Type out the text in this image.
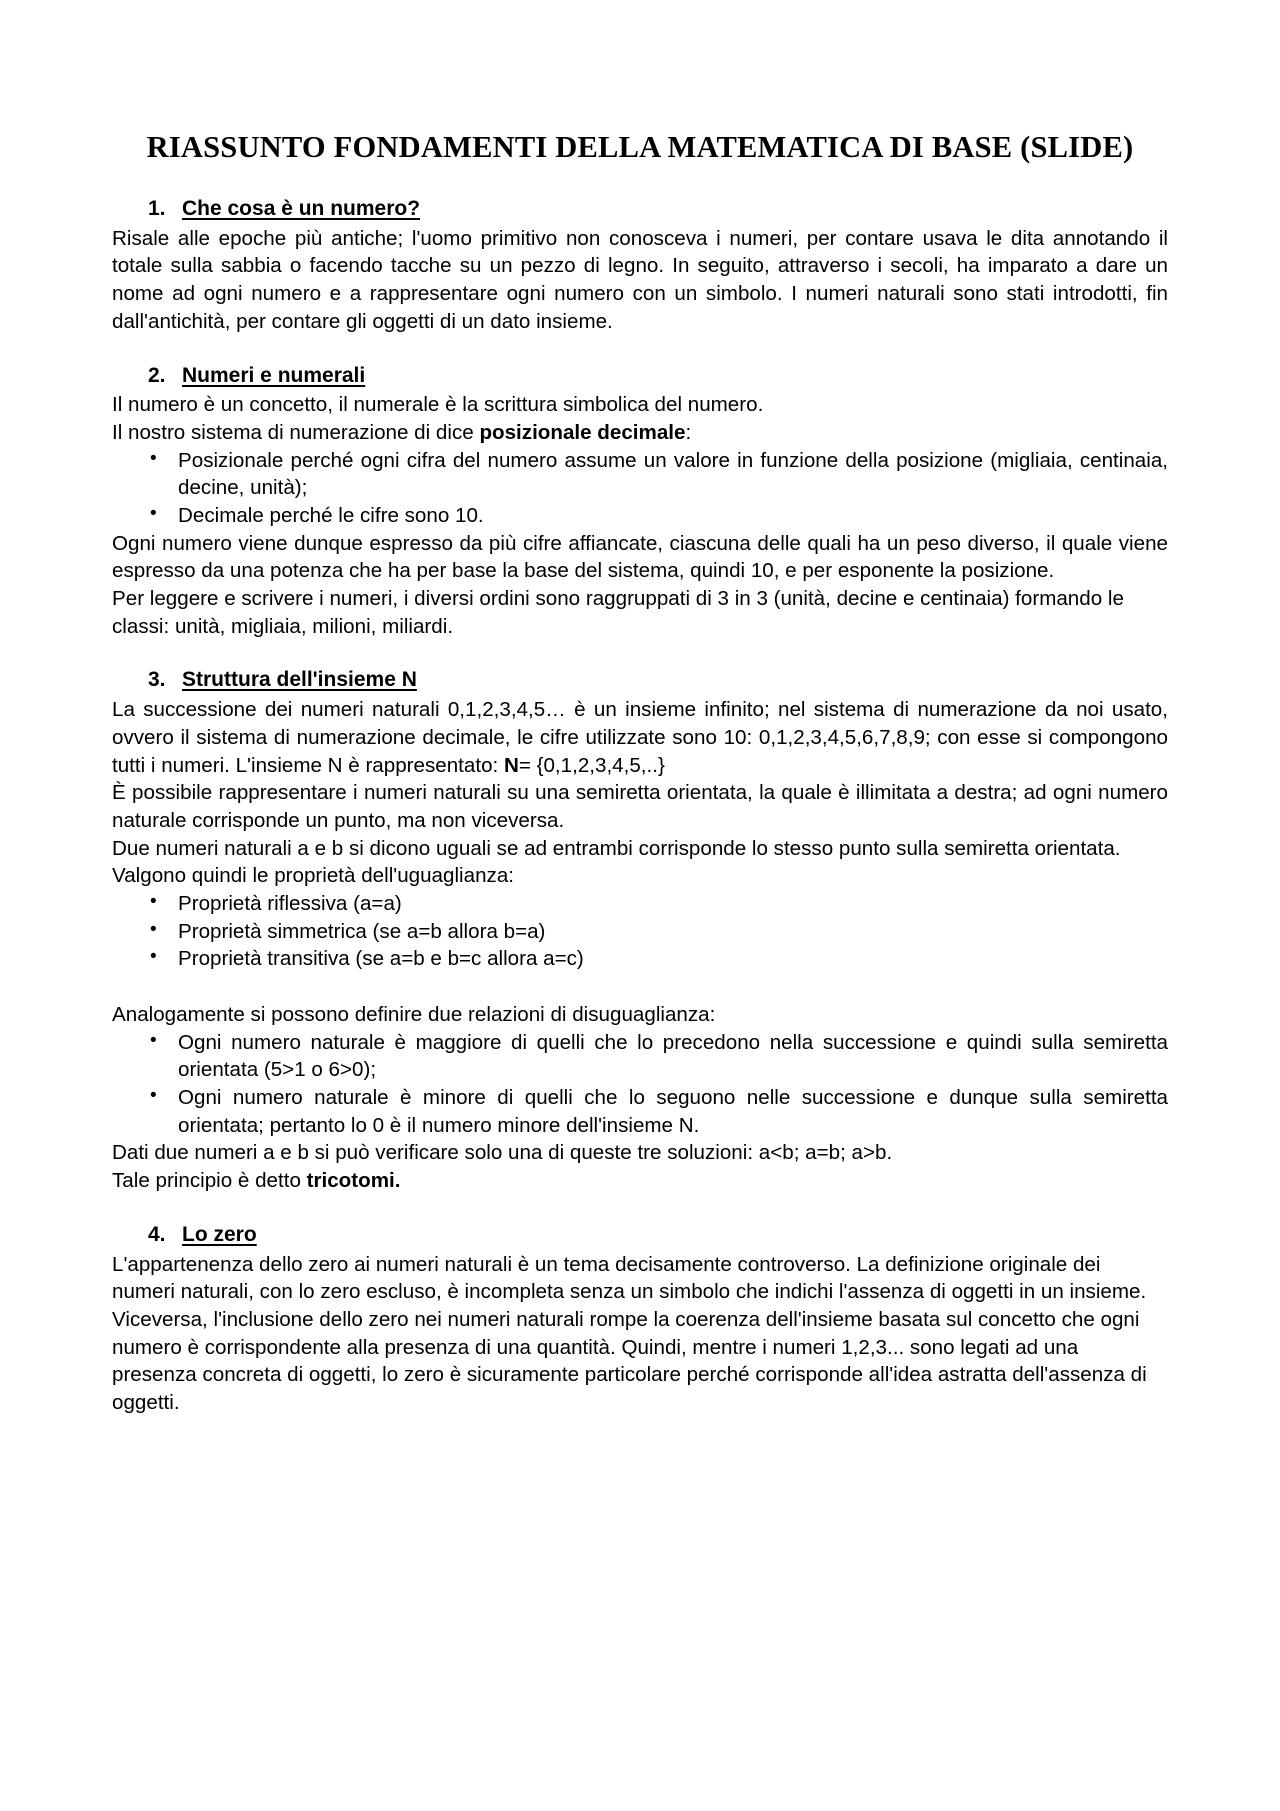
RIASSUNTO FONDAMENTI DELLA MATEMATICA DI BASE (SLIDE)
1. Che cosa è un numero?

Risale alle epoche più antiche; l'uomo primitivo non conosceva i numeri, per contare usava le dita annotando il totale sulla sabbia o facendo tacche su un pezzo di legno. In seguito, attraverso i secoli, ha imparato a dare un nome ad ogni numero e a rappresentare ogni numero con un simbolo. I numeri naturali sono stati introdotti, fin dall'antichità, per contare gli oggetti di un dato insieme.

2. Numeri e numerali

Il numero è un concetto, il numerale è la scrittura simbolica del numero.

Il nostro sistema di numerazione di dice posizionale decimale:

• Posizionale perché ogni cifra del numero assume un valore in funzione della posizione (migliaia, centinaia, decine, unità);
• Decimale perché le cifre sono 10.

Ogni numero viene dunque espresso da più cifre affiancate, ciascuna delle quali ha un peso diverso, il quale viene espresso da una potenza che ha per base la base del sistema, quindi 10, e per esponente la posizione.

Per leggere e scrivere i numeri, i diversi ordini sono raggruppati di 3 in 3 (unità, decine e centinaia) formando le classi: unità, migliaia, milioni, miliardi.

3. Struttura dell'insieme N

La successione dei numeri naturali 0,1,2,3,4,5… è un insieme infinito; nel sistema di numerazione da noi usato, ovvero il sistema di numerazione decimale, le cifre utilizzate sono 10: 0,1,2,3,4,5,6,7,8,9; con esse si compongono tutti i numeri. L'insieme N è rappresentato: N= {0,1,2,3,4,5,..}

È possibile rappresentare i numeri naturali su una semiretta orientata, la quale è illimitata a destra; ad ogni numero naturale corrisponde un punto, ma non viceversa.

Due numeri naturali a e b si dicono uguali se ad entrambi corrisponde lo stesso punto sulla semiretta orientata. Valgono quindi le proprietà dell'uguaglianza:

• Proprietà riflessiva (a=a)
• Proprietà simmetrica (se a=b allora b=a)
• Proprietà transitiva (se a=b e b=c allora a=c)

Analogamente si possono definire due relazioni di disuguaglianza:

• Ogni numero naturale è maggiore di quelli che lo precedono nella successione e quindi sulla semiretta orientata (5>1 o 6>0);
• Ogni numero naturale è minore di quelli che lo seguono nelle successione e dunque sulla semiretta orientata; pertanto lo 0 è il numero minore dell'insieme N.

Dati due numeri a e b si può verificare solo una di queste tre soluzioni: a<b; a=b; a>b.

Tale principio è detto tricotomi.

4. Lo zero

L'appartenenza dello zero ai numeri naturali è un tema decisamente controverso. La definizione originale dei numeri naturali, con lo zero escluso, è incompleta senza un simbolo che indichi l'assenza di oggetti in un insieme. Viceversa, l'inclusione dello zero nei numeri naturali rompe la coerenza dell'insieme basata sul concetto che ogni numero è corrispondente alla presenza di una quantità. Quindi, mentre i numeri 1,2,3... sono legati ad una presenza concreta di oggetti, lo zero è sicuramente particolare perché corrisponde all'idea astratta dell'assenza di oggetti.
